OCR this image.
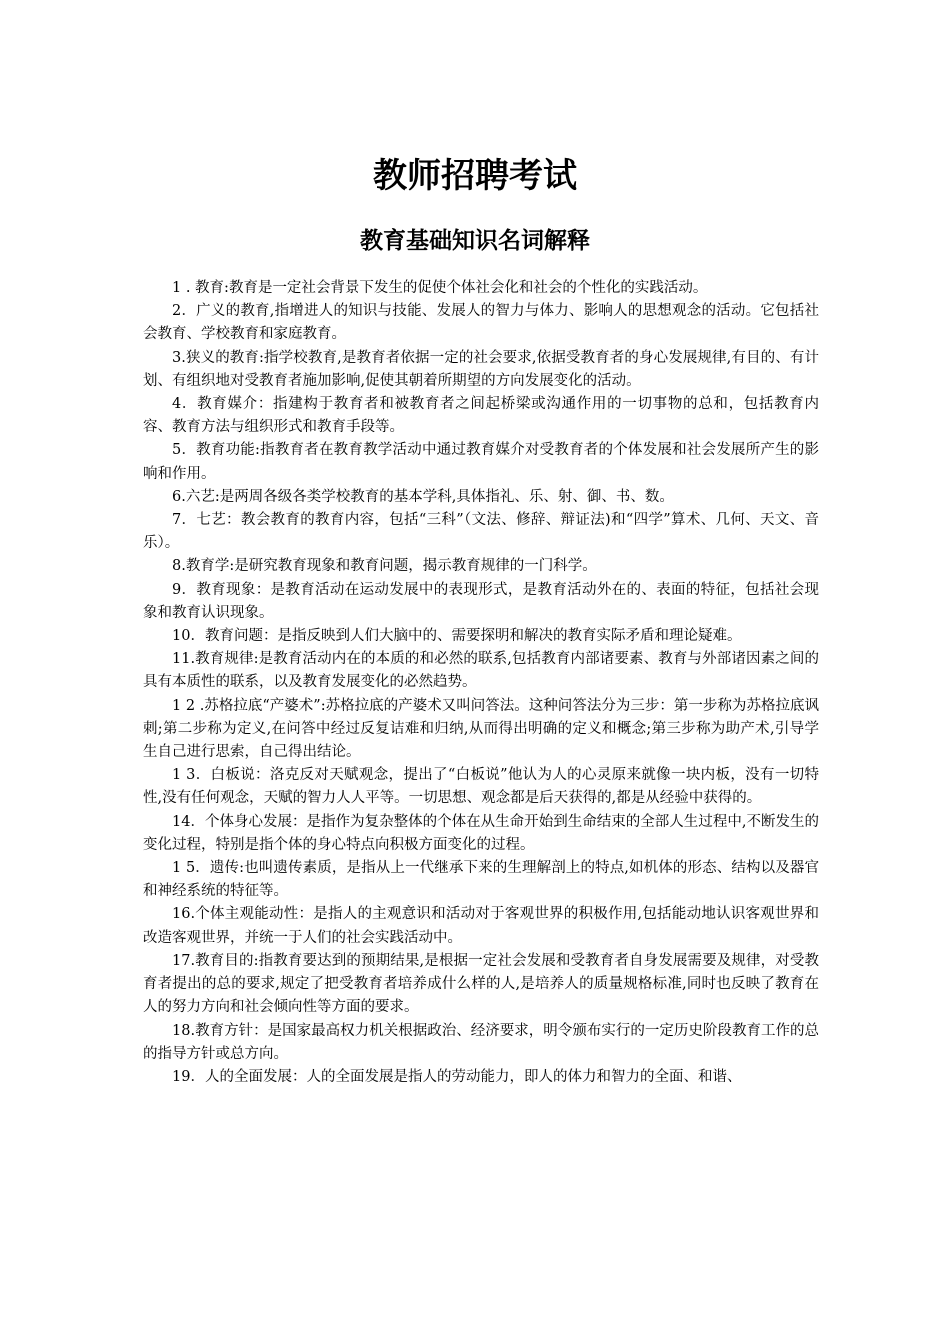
教师招聘考试
教育基础知识名词解释

1 . 教育:教育是一定社会背景下发生的促使个体社会化和社会的个性化的实践活动。

2．广义的教育,指增进人的知识与技能、发展人的智力与体力、影响人的思想观念的活动。它包括社会教育、学校教育和家庭教育。

3.狭义的教育:指学校教育,是教育者依据一定的社会要求,依据受教育者的身心发展规律,有目的、有计划、有组织地对受教育者施加影响,促使其朝着所期望的方向发展变化的活动。

4．教育媒介：指建构于教育者和被教育者之间起桥梁或沟通作用的一切事物的总和，包括教育内容、教育方法与组织形式和教育手段等。

5．教育功能:指教育者在教育教学活动中通过教育媒介对受教育者的个体发展和社会发展所产生的影响和作用。

6.六艺:是两周各级各类学校教育的基本学科,具体指礼、乐、射、御、书、数。

7．七艺：教会教育的教育内容，包括“三科”（文法、修辞、辩证法)和“四学”算术、几何、天文、音乐）。

8.教育学:是研究教育现象和教育问题，揭示教育规律的一门科学。

9．教育现象：是教育活动在运动发展中的表现形式，是教育活动外在的、表面的特征，包括社会现象和教育认识现象。

10．教育问题：是指反映到人们大脑中的、需要探明和解决的教育实际矛盾和理论疑难。

11.教育规律:是教育活动内在的本质的和必然的联系,包括教育内部诸要素、教育与外部诸因素之间的具有本质性的联系，以及教育发展变化的必然趋势。

1 2 .苏格拉底“产婆术”:苏格拉底的产婆术又叫问答法。这种问答法分为三步：第一步称为苏格拉底讽刺;第二步称为定义,在问答中经过反复诘难和归纳,从而得出明确的定义和概念;第三步称为助产术,引导学生自己进行思索，自己得出结论。

1 3．白板说：洛克反对天赋观念，提出了“白板说”他认为人的心灵原来就像一块内板，没有一切特性,没有任何观念，天赋的智力人人平等。一切思想、观念都是后天获得的,都是从经验中获得的。

14．个体身心发展：是指作为复杂整体的个体在从生命开始到生命结束的全部人生过程中,不断发生的变化过程，特别是指个体的身心特点向积极方面变化的过程。

1 5．遗传:也叫遗传素质，是指从上一代继承下来的生理解剖上的特点,如机体的形态、结构以及器官和神经系统的特征等。

16.个体主观能动性：是指人的主观意识和活动对于客观世界的积极作用,包括能动地认识客观世界和改造客观世界，并统一于人们的社会实践活动中。

17.教育目的:指教育要达到的预期结果,是根据一定社会发展和受教育者自身发展需要及规律，对受教育者提出的总的要求,规定了把受教育者培养成什么样的人,是培养人的质量规格标准,同时也反映了教育在人的努力方向和社会倾向性等方面的要求。

18.教育方针：是国家最高权力机关根据政治、经济要求，明令颁布实行的一定历史阶段教育工作的总的指导方针或总方向。

19．人的全面发展：人的全面发展是指人的劳动能力，即人的体力和智力的全面、和谐、
